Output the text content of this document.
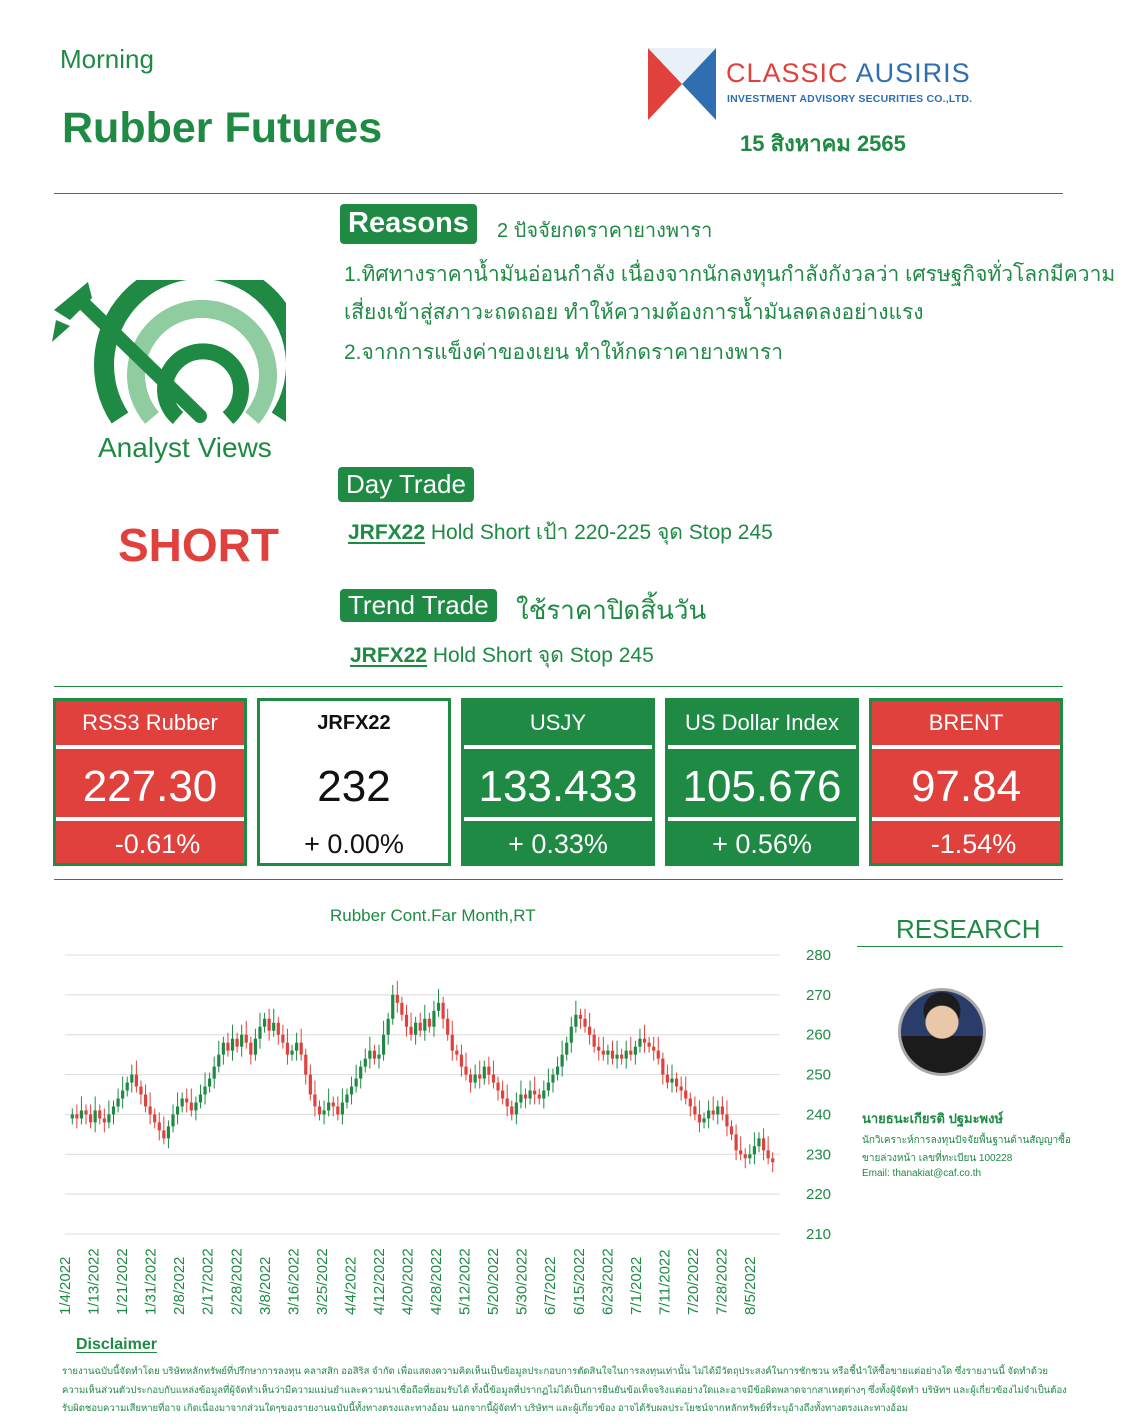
Morning
Rubber Futures
CLASSIC AUSIRIS
INVESTMENT ADVISORY SECURITIES CO.,LTD.
15 สิงหาคม 2565
Analyst Views
SHORT
Reasons	2 ปัจจัยกดราคายางพารา
1.ทิศทางราคาน้ำมันอ่อนกำลัง เนื่องจากนักลงทุนกำลังกังวลว่า เศรษฐกิจทั่วโลกมีความ
เสี่ยงเข้าสู่สภาวะถดถอย ทำให้ความต้องการน้ำมันลดลงอย่างแรง
2.จากการแข็งค่าของเยน ทำให้กดราคายางพารา
Day Trade
JRFX22 Hold Short เป้า 220-225 จุด Stop 245
Trend Trade	ใช้ราคาปิดสิ้นวัน
JRFX22 Hold Short จุด Stop 245
RSS3 Rubber
227.30
-0.61%
JRFX22
232
+ 0.00%
USJY
133.433
+ 0.33%
US Dollar Index
105.676
+ 0.56%
BRENT
97.84
-1.54%
Rubber Cont.Far Month,RT
210
220
230
240
250
260
270
280
1/4/2022 1/13/2022 1/21/2022 1/31/2022 2/8/2022 2/17/2022 2/28/2022 3/8/2022 3/16/2022 3/25/2022 4/4/2022 4/12/2022 4/20/2022 4/28/2022 5/12/2022 5/20/2022 5/30/2022 6/7/2022 6/15/2022 6/23/2022 7/1/2022 7/11/2022 7/20/2022 7/28/2022 8/5/2022
RESEARCH
นายธนะเกียรติ ปฐมะพงษ์
นักวิเคราะห์การลงทุนปัจจัยพื้นฐานด้านสัญญาซื้อ
ขายล่วงหน้า เลขที่ทะเบียน 100228
Email: thanakiat@caf.co.th
Disclaimer
รายงานฉบับนี้จัดทำโดย บริษัทหลักทรัพย์ที่ปรึกษาการลงทุน คลาสสิก ออสิริส จำกัด เพื่อแสดงความคิดเห็นเป็นข้อมูลประกอบการตัดสินใจในการลงทุนเท่านั้น ไม่ได้มีวัตถุประสงค์ในการชักชวน หรือชี้นำให้ซื้อขายแต่อย่างใด ซึ่งรายงานนี้ จัดทำด้วย
ความเห็นส่วนตัวประกอบกับแหล่งข้อมูลที่ผู้จัดทำเห็นว่ามีความแม่นยำและความน่าเชื่อถือที่ยอมรับได้ ทั้งนี้ข้อมูลที่ปรากฏไม่ได้เป็นการยืนยันข้อเท็จจริงแต่อย่างใดและอาจมีข้อผิดพลาดจากสาเหตุต่างๆ ซึ่งทั้งผู้จัดทำ บริษัทฯ และผู้เกี่ยวข้องไม่จำเป็นต้อง
รับผิดชอบความเสียหายที่อาจ เกิดเนื่องมาจากส่วนใดๆของรายงานฉบับนี้ทั้งทางตรงและทางอ้อม นอกจากนี้ผู้จัดทำ บริษัทฯ และผู้เกี่ยวข้อง อาจได้รับผลประโยชน์จากหลักทรัพย์ที่ระบุอ้างถึงทั้งทางตรงและทางอ้อม
